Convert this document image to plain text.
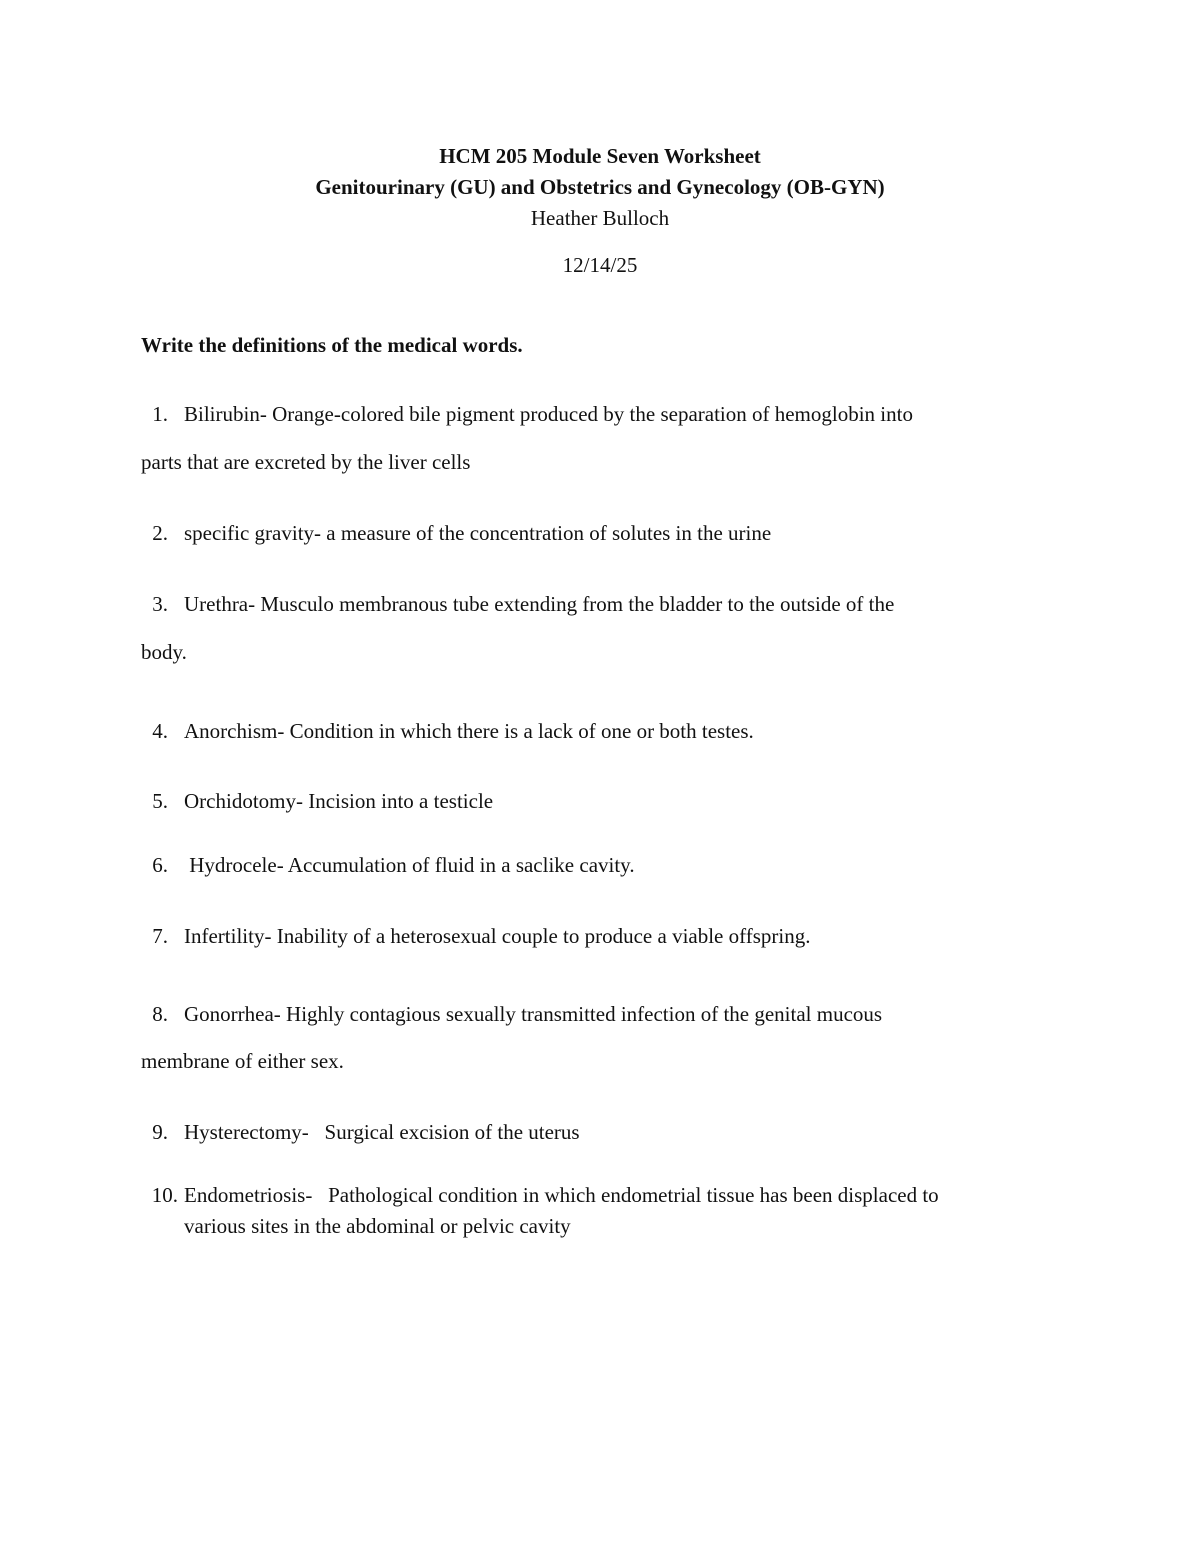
HCM 205 Module Seven Worksheet
Genitourinary (GU) and Obstetrics and Gynecology (OB-GYN)
Heather Bulloch
12/14/25
Write the definitions of the medical words.
1. Bilirubin- Orange-colored bile pigment produced by the separation of hemoglobin into
parts that are excreted by the liver cells
2. specific gravity- a measure of the concentration of solutes in the urine
3. Urethra- Musculo membranous tube extending from the bladder to the outside of the
body.
4. Anorchism- Condition in which there is a lack of one or both testes.
5. Orchidotomy- Incision into a testicle
6. Hydrocele- Accumulation of fluid in a saclike cavity.
7. Infertility- Inability of a heterosexual couple to produce a viable offspring.
8. Gonorrhea- Highly contagious sexually transmitted infection of the genital mucous
membrane of either sex.
9. Hysterectomy-   Surgical excision of the uterus
10. Endometriosis-   Pathological condition in which endometrial tissue has been displaced to
various sites in the abdominal or pelvic cavity
